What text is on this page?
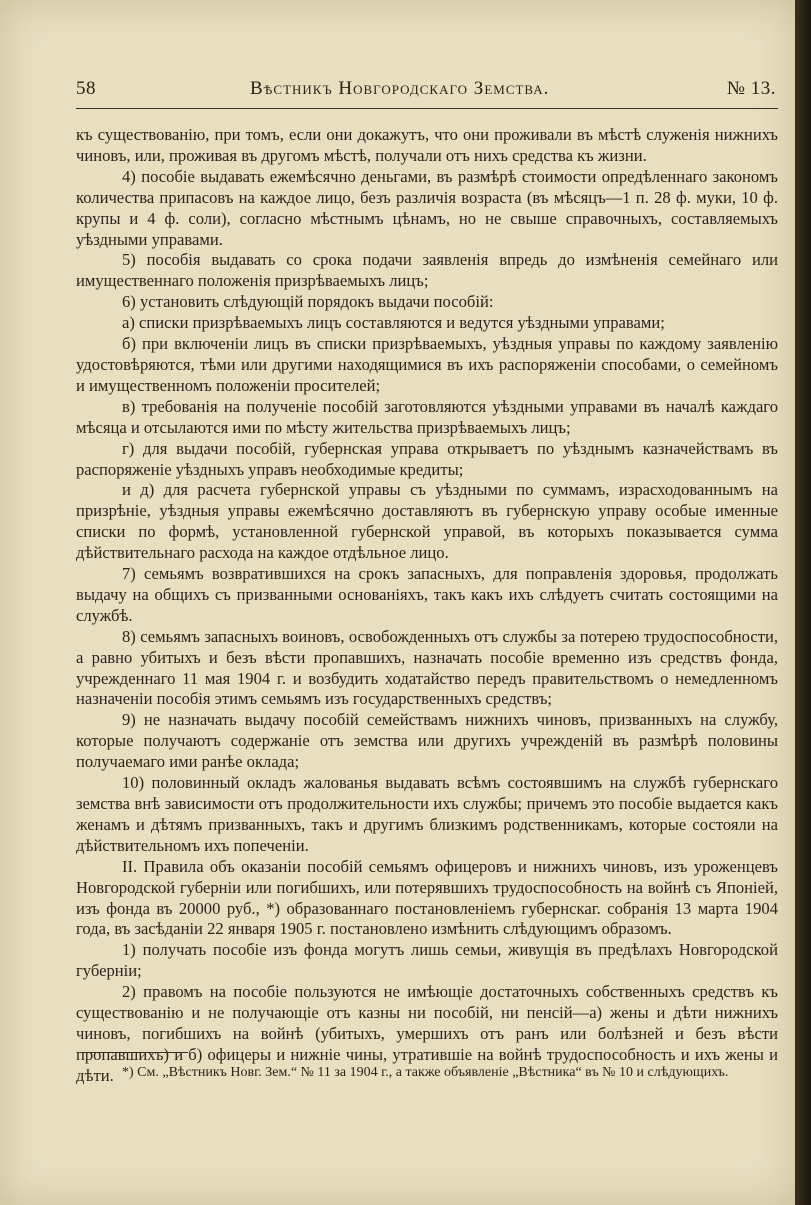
58	Вѣстникъ Новгородскаго Земства.	№ 13.

къ существованію, при томъ, если они докажутъ, что они проживали въ мѣстѣ служенія нижнихъ чиновъ, или, проживая въ другомъ мѣстѣ, получали отъ нихъ средства къ жизни.

4) пособіе выдавать ежемѣсячно деньгами, въ размѣрѣ стоимости опредѣленнаго закономъ количества припасовъ на каждое лицо, безъ различія возраста (въ мѣсяцъ—1 п. 28 ф. муки, 10 ф. крупы и 4 ф. соли), согласно мѣстнымъ цѣнамъ, но не свыше справочныхъ, составляемыхъ уѣздными управами.

5) пособія выдавать со срока подачи заявленія впредь до измѣненія семейнаго или имущественнаго положенія призрѣваемыхъ лицъ;

6) установить слѣдующій порядокъ выдачи пособій:

а) списки призрѣваемыхъ лицъ составляются и ведутся уѣздными управами;

б) при включеніи лицъ въ списки призрѣваемыхъ, уѣздныя управы по каждому заявленію удостовѣряются, тѣми или другими находящимися въ ихъ распоряженіи способами, о семейномъ и имущественномъ положеніи просителей;

в) требованія на полученіе пособій заготовляются уѣздными управами въ началѣ каждаго мѣсяца и отсылаются ими по мѣсту жительства призрѣваемыхъ лицъ;

г) для выдачи пособій, губернская управа открываетъ по уѣзднымъ казначействамъ въ распоряженіе уѣздныхъ управъ необходимые кредиты;

и д) для расчета губернской управы съ уѣздными по суммамъ, израсходованнымъ на призрѣніе, уѣздныя управы ежемѣсячно доставляютъ въ губернскую управу особые именные списки по формѣ, установленной губернской управой, въ которыхъ показывается сумма дѣйствительнаго расхода на каждое отдѣльное лицо.

7) семьямъ возвратившихся на срокъ запасныхъ, для поправленія здоровья, продолжать выдачу на общихъ съ призванными основаніяхъ, такъ какъ ихъ слѣдуетъ считать состоящими на службѣ.

8) семьямъ запасныхъ воиновъ, освобожденныхъ отъ службы за потерею трудоспособности, а равно убитыхъ и безъ вѣсти пропавшихъ, назначать пособіе временно изъ средствъ фонда, учрежденнаго 11 мая 1904 г. и возбудить ходатайство передъ правительствомъ о немедленномъ назначеніи пособія этимъ семьямъ изъ государственныхъ средствъ;

9) не назначать выдачу пособій семействамъ нижнихъ чиновъ, призванныхъ на службу, которые получаютъ содержаніе отъ земства или другихъ учрежденій въ размѣрѣ половины получаемаго ими ранѣе оклада;

10) половинный окладъ жалованья выдавать всѣмъ состоявшимъ на службѣ губернскаго земства внѣ зависимости отъ продолжительности ихъ службы; причемъ это пособіе выдается какъ женамъ и дѣтямъ призванныхъ, такъ и другимъ близкимъ родственникамъ, которые состояли на дѣйствительномъ ихъ попеченіи.

II. Правила объ оказаніи пособій семьямъ офицеровъ и нижнихъ чиновъ, изъ уроженцевъ Новгородской губерніи или погибшихъ, или потерявшихъ трудоспособность на войнѣ съ Японіей, изъ фонда въ 20000 руб., *) образованнаго постановленіемъ губернскаг. собранія 13 марта 1904 года, въ засѣданіи 22 января 1905 г. постановлено измѣнить слѣдующимъ образомъ.

1) получать пособіе изъ фонда могутъ лишь семьи, живущія въ предѣлахъ Новгородской губерніи;

2) правомъ на пособіе пользуются не имѣющіе достаточныхъ собственныхъ средствъ къ существованію и не получающіе отъ казны ни пособій, ни пенсій—а) жены и дѣти нижнихъ чиновъ, погибшихъ на войнѣ (убитыхъ, умершихъ отъ ранъ или болѣзней и безъ вѣсти пропавшихъ) и б) офицеры и нижніе чины, утратившіе на войнѣ трудоспособность и ихъ жены и дѣти. *) См. „Вѣстникъ Новг. Зем.“ № 11 за 1904 г., а также объявленіе „Вѣстника“ въ № 10 и слѣдующихъ.
